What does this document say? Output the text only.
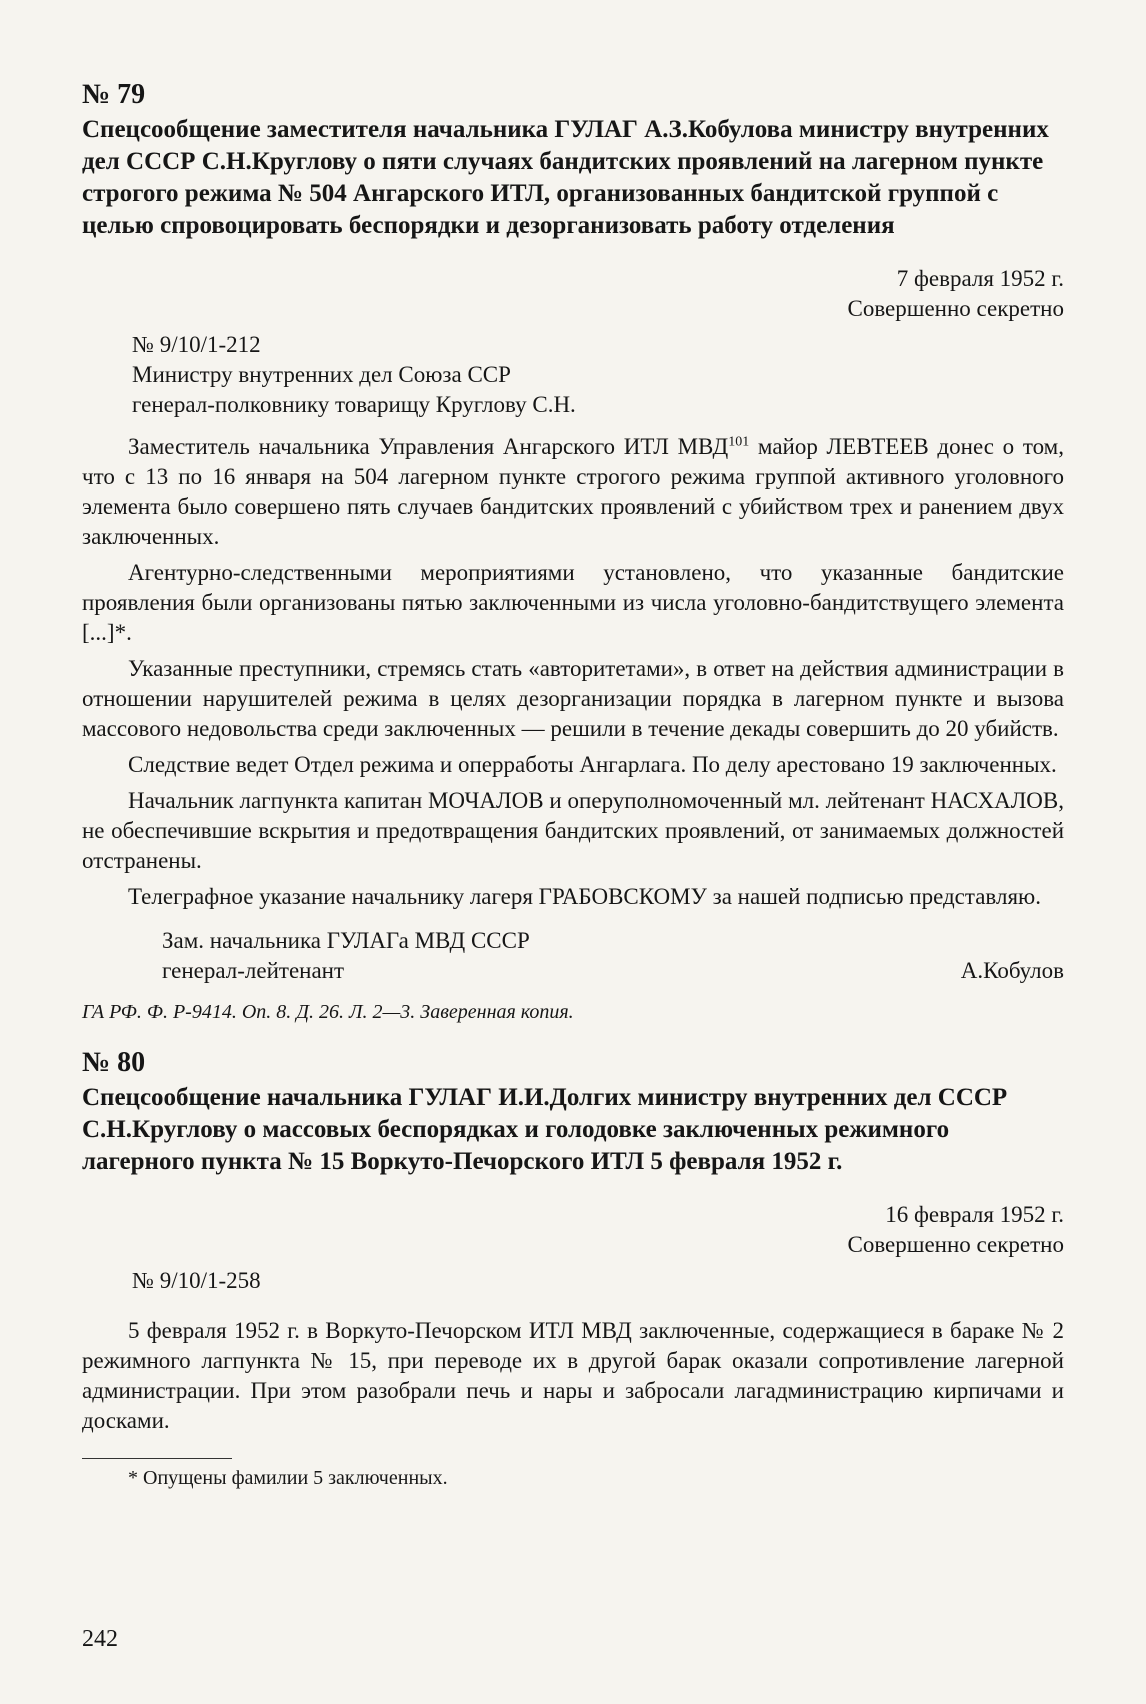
№ 79

Спецсообщение заместителя начальника ГУЛАГ А.З.Кобулова министру внутренних дел СССР С.Н.Круглову о пяти случаях бандитских проявлений на лагерном пункте строгого режима № 504 Ангарского ИТЛ, организованных бандитской группой с целью спровоцировать беспорядки и дезорганизовать работу отделения

7 февраля 1952 г.
Совершенно секретно
№ 9/10/1-212
Министру внутренних дел Союза ССР
генерал-полковнику товарищу Круглову С.Н.

Заместитель начальника Управления Ангарского ИТЛ МВД$^{101}$ майор ЛЕВТЕЕВ донес о том, что с 13 по 16 января на 504 лагерном пункте строгого режима группой активного уголовного элемента было совершено пять случаев бандитских проявлений с убийством трех и ранением двух заключенных.

Агентурно-следственными мероприятиями установлено, что указанные бандитские проявления были организованы пятью заключенными из числа уголовно-бандитствущего элемента [...]*.

Указанные преступники, стремясь стать «авторитетами», в ответ на действия администрации в отношении нарушителей режима в целях дезорганизации порядка в лагерном пункте и вызова массового недовольства среди заключенных — решили в течение декады совершить до 20 убийств.

Следствие ведет Отдел режима и оперработы Ангарлага. По делу арестовано 19 заключенных.

Начальник лагпункта капитан МОЧАЛОВ и оперуполномоченный мл. лейтенант НАСХАЛОВ, не обеспечившие вскрытия и предотвращения бандитских проявлений, от занимаемых должностей отстранены.

Телеграфное указание начальнику лагеря ГРАБОВСКОМУ за нашей подписью представляю.

Зам. начальника ГУЛАГа МВД СССР
генерал-лейтенант	А.Кобулов
ГА РФ. Ф. Р-9414. Оп. 8. Д. 26. Л. 2—3. Заверенная копия.
№ 80

Спецсообщение начальника ГУЛАГ И.И.Долгих министру внутренних дел СССР С.Н.Круглову о массовых беспорядках и голодовке заключенных режимного лагерного пункта № 15 Воркуто-Печорского ИТЛ 5 февраля 1952 г.

16 февраля 1952 г.
Совершенно секретно
№ 9/10/1-258

5 февраля 1952 г. в Воркуто-Печорском ИТЛ МВД заключенные, содержащиеся в бараке № 2 режимного лагпункта № 15, при переводе их в другой барак оказали сопротивление лагерной администрации. При этом разобрали печь и нары и забросали лагадминистрацию кирпичами и досками.

* Опущены фамилии 5 заключенных.
242
